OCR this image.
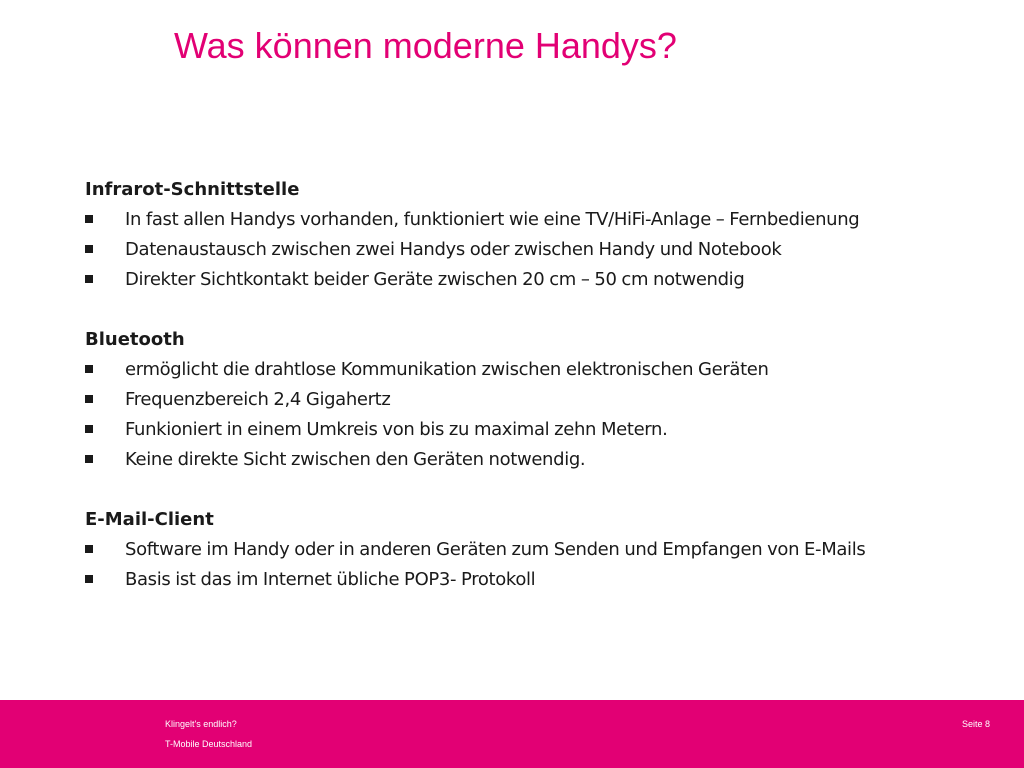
Was können moderne Handys?
Infrarot-Schnittstelle
In fast allen Handys vorhanden, funktioniert wie eine TV/HiFi-Anlage – Fernbedienung
Datenaustausch zwischen zwei Handys oder zwischen Handy und Notebook
Direkter Sichtkontakt beider Geräte zwischen 20 cm – 50 cm notwendig
Bluetooth
ermöglicht die drahtlose Kommunikation zwischen elektronischen Geräten
Frequenzbereich 2,4 Gigahertz
Funkioniert in einem Umkreis von bis zu maximal zehn Metern.
Keine direkte Sicht zwischen den Geräten notwendig.
E-Mail-Client
Software im Handy oder in anderen Geräten zum Senden und Empfangen von E-Mails
Basis ist das im Internet übliche POP3- Protokoll
Klingelt's endlich?
T-Mobile Deutschland
Seite 8
